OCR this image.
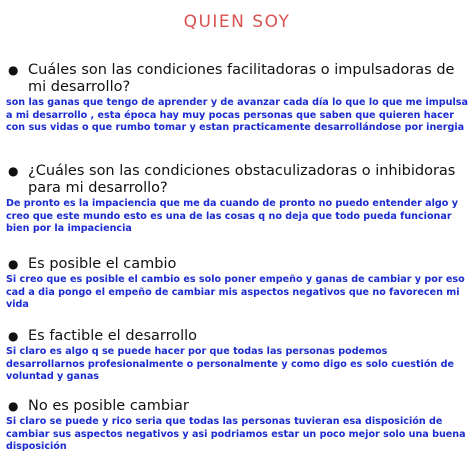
QUIEN SOY

● Cuáles son las condiciones facilitadoras o impulsadoras de mi desarrollo?

son las ganas que tengo de aprender y de avanzar cada día lo que lo que me impulsa a mi desarrollo , esta época hay muy pocas personas que saben que quieren hacer con sus vidas o que rumbo tomar y estan practicamente desarrollándose por inergia

● ¿Cuáles son las condiciones obstaculizadoras o inhibidoras para mi desarrollo?

De pronto es la impaciencia que me da cuando de pronto no puedo entender algo y creo que este mundo esto es una de las cosas q no deja que todo pueda funcionar bien por la impaciencia

● Es posible el cambio

Si creo que es posible el cambio es solo poner empeño y ganas de cambiar y por eso cad a dia pongo el empeño de cambiar mis aspectos negativos que no favorecen mi vida

● Es factible el desarrollo

Si claro es algo q se puede hacer por que todas las personas podemos desarrollarnos profesionalmente o personalmente y como digo es solo cuestión de voluntad y ganas

● No es posible cambiar

Si claro se puede y rico seria que todas las personas tuvieran esa disposición de cambiar sus aspectos negativos y asi podriamos estar un poco mejor solo una buena disposición
